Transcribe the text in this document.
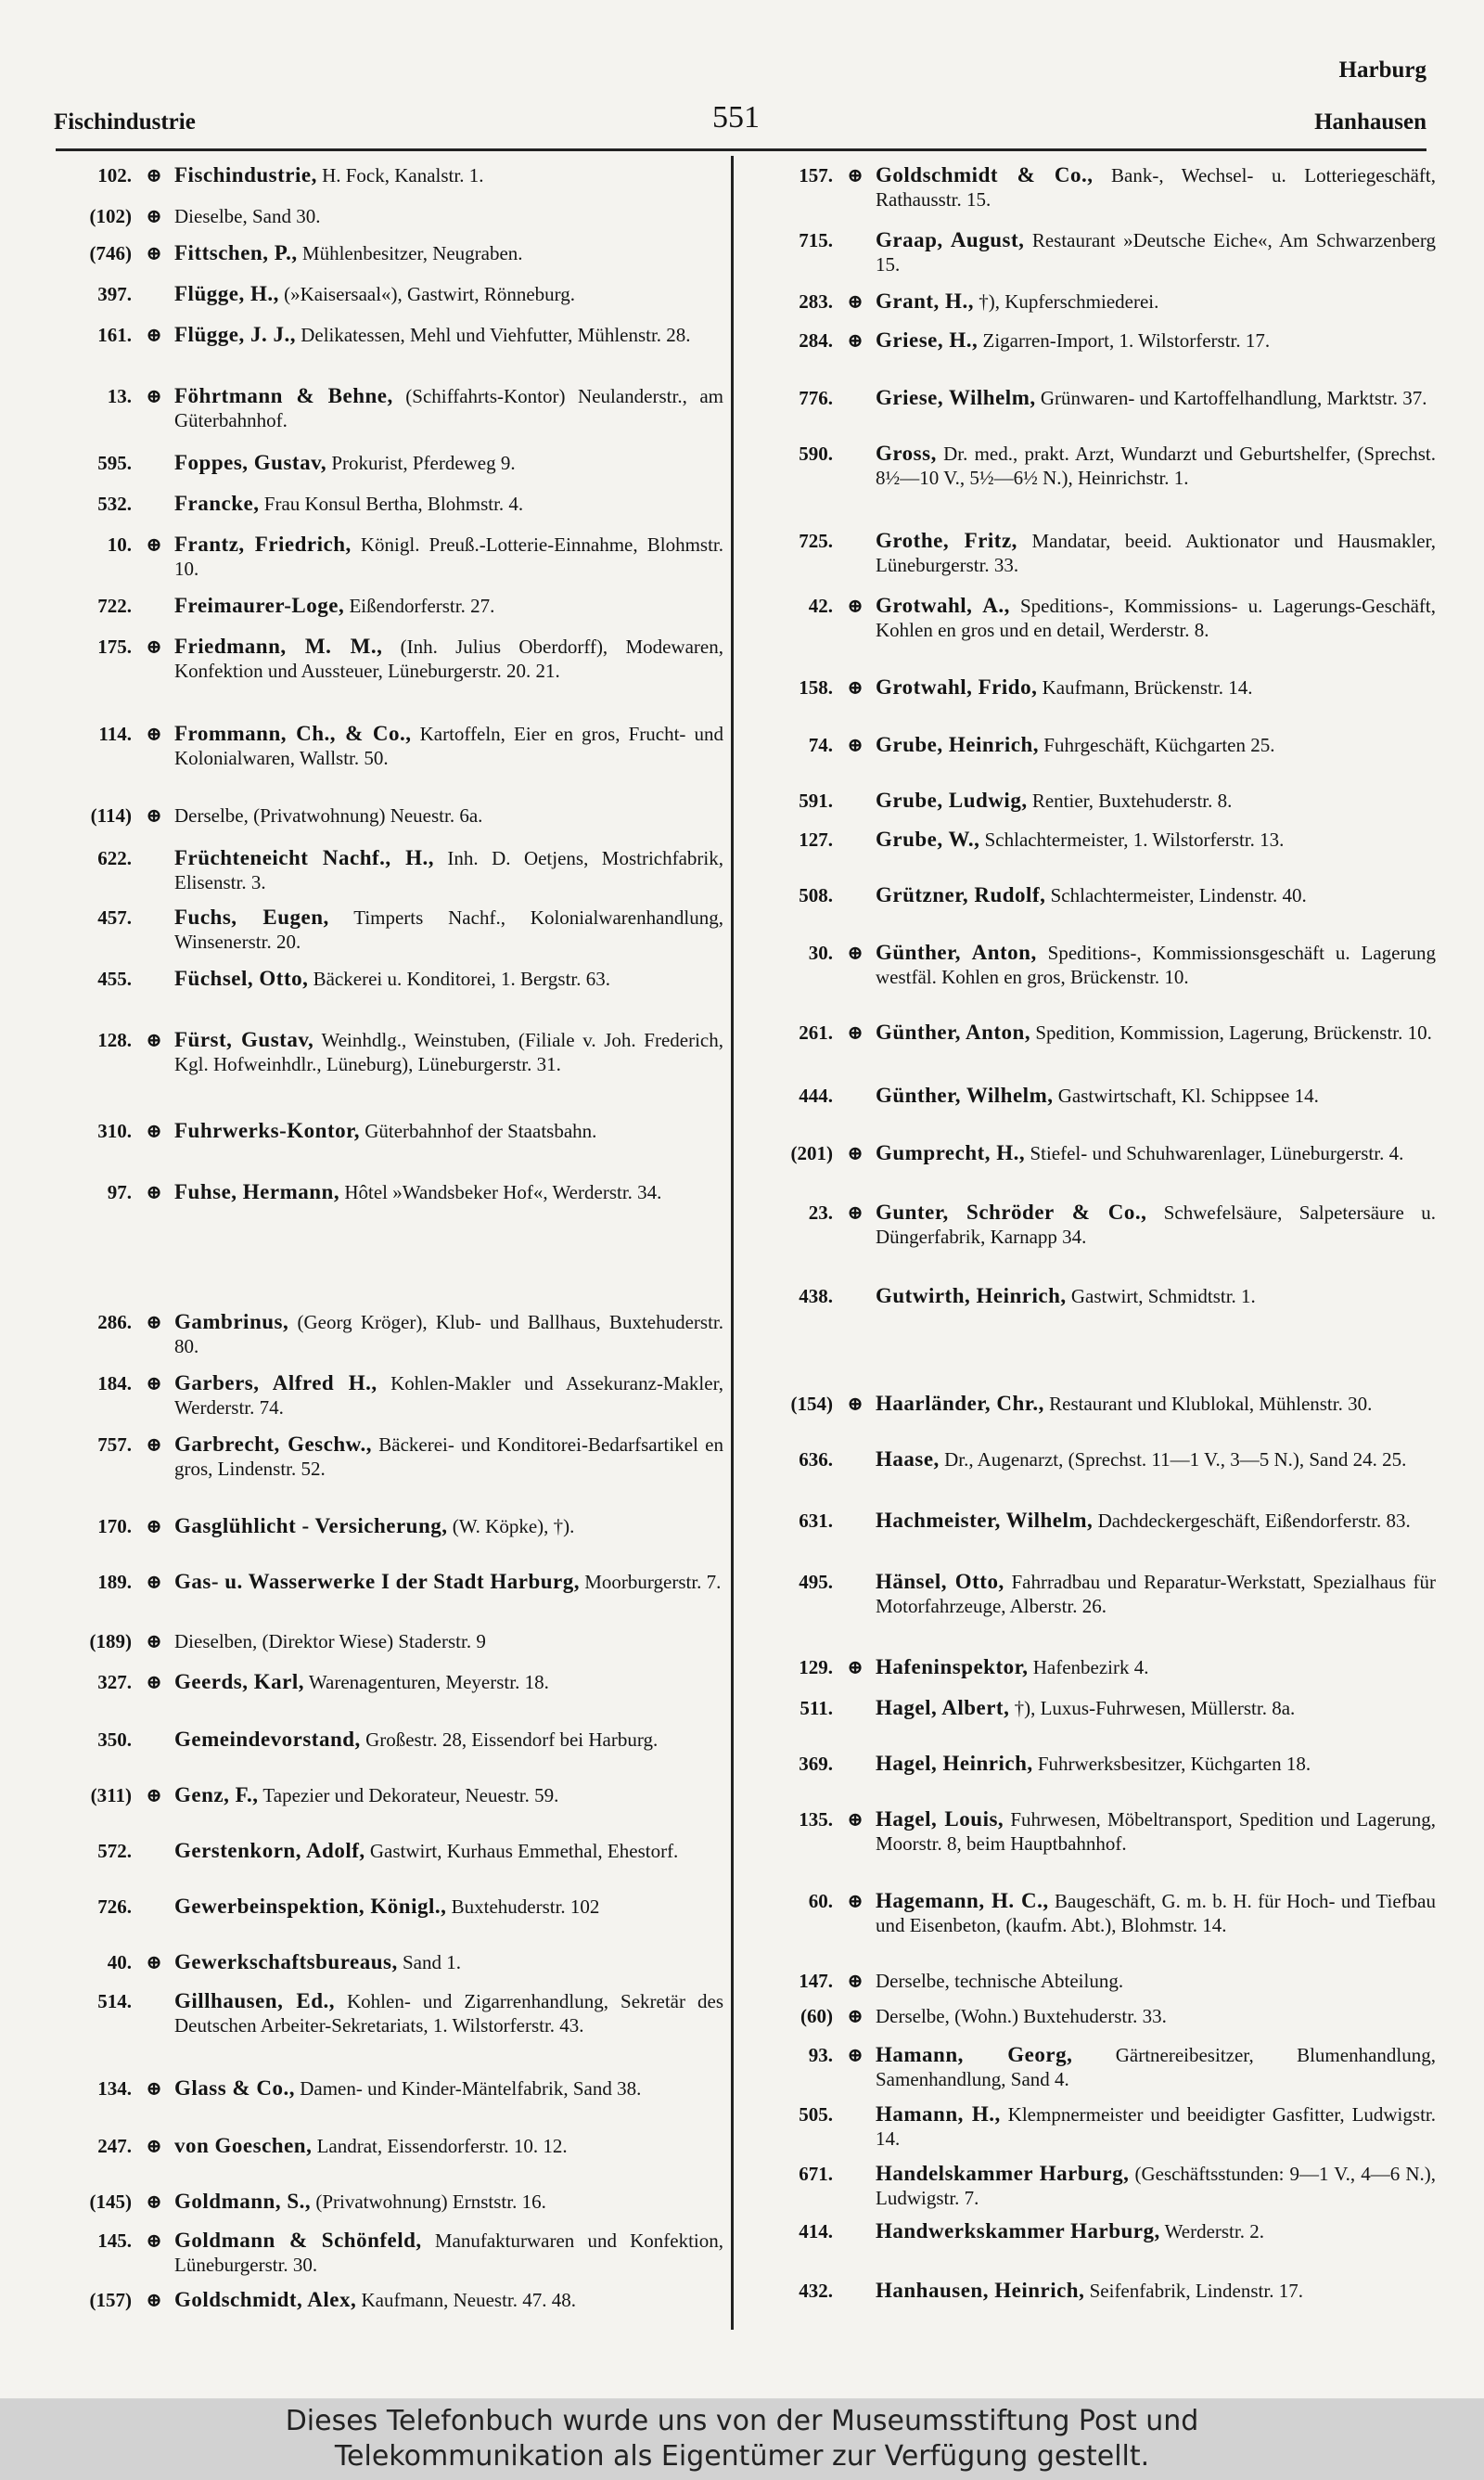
Harburg
Fischindustrie	551	Hanhausen
102. ⊕ Fischindustrie, H. Fock, Kanalstr. 1.
(102) ⊕ Dieselbe, Sand 30.
(746) ⊕ Fittschen, P., Mühlenbesitzer, Neugraben.
397. Flügge, H., (»Kaisersaal«), Gastwirt, Rönneburg.
161. ⊕ Flügge, J. J., Delikatessen, Mehl und Viehfutter, Mühlenstr. 28.
13. ⊕ Föhrtmann & Behne, (Schiffahrts-Kontor) Neulanderstr., am Güterbahnhof.
595. Foppes, Gustav, Prokurist, Pferdeweg 9.
532. Francke, Frau Konsul Bertha, Blohmstr. 4.
10. ⊕ Frantz, Friedrich, Königl. Preuß.-Lotterie-Einnahme, Blohmstr. 10.
722. Freimaurer-Loge, Eißendorferstr. 27.
175. ⊕ Friedmann, M. M., (Inh. Julius Oberdorff), Modewaren, Konfektion und Aussteuer, Lüneburgerstr. 20. 21.
114. ⊕ Frommann, Ch., & Co., Kartoffeln, Eier en gros, Frucht- und Kolonialwaren, Wallstr. 50.
(114) ⊕ Derselbe, (Privatwohnung) Neuestr. 6a.
622. Früchteneicht Nachf., H., Inh. D. Oetjens, Mostrichfabrik, Elisenstr. 3.
457. Fuchs, Eugen, Timperts Nachf., Kolonialwarenhandlung, Winsenerstr. 20.
455. Füchsel, Otto, Bäckerei u. Konditorei, 1. Bergstr. 63.
128. ⊕ Fürst, Gustav, Weinhdlg., Weinstuben, (Filiale v. Joh. Frederich, Kgl. Hofweinhdlr., Lüneburg), Lüneburgerstr. 31.
310. ⊕ Fuhrwerks-Kontor, Güterbahnhof der Staatsbahn.
97. ⊕ Fuhse, Hermann, Hôtel »Wandsbeker Hof«, Werderstr. 34.
286. ⊕ Gambrinus, (Georg Kröger), Klub- und Ballhaus, Buxtehuderstr. 80.
184. ⊕ Garbers, Alfred H., Kohlen-Makler und Assekuranz-Makler, Werderstr. 74.
757. ⊕ Garbrecht, Geschw., Bäckerei- und Konditorei-Bedarfsartikel en gros, Lindenstr. 52.
170. ⊕ Gasglühlicht - Versicherung, (W. Köpke), †).
189. ⊕ Gas- u. Wasserwerke I der Stadt Harburg, Moorburgerstr. 7.
(189) ⊕ Dieselben, (Direktor Wiese) Staderstr. 9
327. ⊕ Geerds, Karl, Warenagenturen, Meyerstr. 18.
350. Gemeindevorstand, Großestr. 28, Eissendorf bei Harburg.
(311) ⊕ Genz, F., Tapezier und Dekorateur, Neuestr. 59.
572. Gerstenkorn, Adolf, Gastwirt, Kurhaus Emmethal, Ehestorf.
726. Gewerbeinspektion, Königl., Buxtehuderstr. 102
40. ⊕ Gewerkschaftsbureaus, Sand 1.
514. Gillhausen, Ed., Kohlen- und Zigarrenhandlung, Sekretär des Deutschen Arbeiter-Sekretariats, 1. Wilstorferstr. 43.
134. ⊕ Glass & Co., Damen- und Kinder-Mäntelfabrik, Sand 38.
247. ⊕ von Goeschen, Landrat, Eissendorferstr. 10. 12.
(145) ⊕ Goldmann, S., (Privatwohnung) Ernststr. 16.
145. ⊕ Goldmann & Schönfeld, Manufakturwaren und Konfektion, Lüneburgerstr. 30.
(157) ⊕ Goldschmidt, Alex, Kaufmann, Neuestr. 47. 48.
157. ⊕ Goldschmidt & Co., Bank-, Wechsel- u. Lotteriegeschäft, Rathausstr. 15.
715. Graap, August, Restaurant »Deutsche Eiche«, Am Schwarzenberg 15.
283. ⊕ Grant, H., †), Kupferschmiederei.
284. ⊕ Griese, H., Zigarren-Import, 1. Wilstorferstr. 17.
776. Griese, Wilhelm, Grünwaren- und Kartoffelhandlung, Marktstr. 37.
590. Gross, Dr. med., prakt. Arzt, Wundarzt und Geburtshelfer, (Sprechst. 8½—10 V., 5½—6½ N.), Heinrichstr. 1.
725. Grothe, Fritz, Mandatar, beeid. Auktionator und Hausmakler, Lüneburgerstr. 33.
42. ⊕ Grotwahl, A., Speditions-, Kommissions- u. Lagerungs-Geschäft, Kohlen en gros und en detail, Werderstr. 8.
158. ⊕ Grotwahl, Frido, Kaufmann, Brückenstr. 14.
74. ⊕ Grube, Heinrich, Fuhrgeschäft, Küchgarten 25.
591. Grube, Ludwig, Rentier, Buxtehuderstr. 8.
127. Grube, W., Schlachtermeister, 1. Wilstorferstr. 13.
508. Grützner, Rudolf, Schlachtermeister, Lindenstr. 40.
30. ⊕ Günther, Anton, Speditions-, Kommissionsgeschäft u. Lagerung westfäl. Kohlen en gros, Brückenstr. 10.
261. ⊕ Günther, Anton, Spedition, Kommission, Lagerung, Brückenstr. 10.
444. Günther, Wilhelm, Gastwirtschaft, Kl. Schippsee 14.
(201) ⊕ Gumprecht, H., Stiefel- und Schuhwarenlager, Lüneburgerstr. 4.
23. ⊕ Gunter, Schröder & Co., Schwefelsäure, Salpetersäure u. Düngerfabrik, Karnapp 34.
438. Gutwirth, Heinrich, Gastwirt, Schmidtstr. 1.
(154) ⊕ Haarländer, Chr., Restaurant und Klublokal, Mühlenstr. 30.
636. Haase, Dr., Augenarzt, (Sprechst. 11—1 V., 3—5 N.), Sand 24. 25.
631. Hachmeister, Wilhelm, Dachdeckergeschäft, Eißendorferstr. 83.
495. Hänsel, Otto, Fahrradbau und Reparatur-Werkstatt, Spezialhaus für Motorfahrzeuge, Alberstr. 26.
129. ⊕ Hafeninspektor, Hafenbezirk 4.
511. Hagel, Albert, †), Luxus-Fuhrwesen, Müllerstr. 8a.
369. Hagel, Heinrich, Fuhrwerksbesitzer, Küchgarten 18.
135. ⊕ Hagel, Louis, Fuhrwesen, Möbeltransport, Spedition und Lagerung, Moorstr. 8, beim Hauptbahnhof.
60. ⊕ Hagemann, H. C., Baugeschäft, G. m. b. H. für Hoch- und Tiefbau und Eisenbeton, (kaufm. Abt.), Blohmstr. 14.
147. ⊕ Derselbe, technische Abteilung.
(60) ⊕ Derselbe, (Wohn.) Buxtehuderstr. 33.
93. ⊕ Hamann, Georg, Gärtnereibesitzer, Blumenhandlung, Samenhandlung, Sand 4.
505. Hamann, H., Klempnermeister und beeidigter Gasfitter, Ludwigstr. 14.
671. Handelskammer Harburg, (Geschäftsstunden: 9—1 V., 4—6 N.), Ludwigstr. 7.
414. Handwerkskammer Harburg, Werderstr. 2.
432. Hanhausen, Heinrich, Seifenfabrik, Lindenstr. 17.
Dieses Telefonbuch wurde uns von der Museumsstiftung Post und
Telekommunikation als Eigentümer zur Verfügung gestellt.
